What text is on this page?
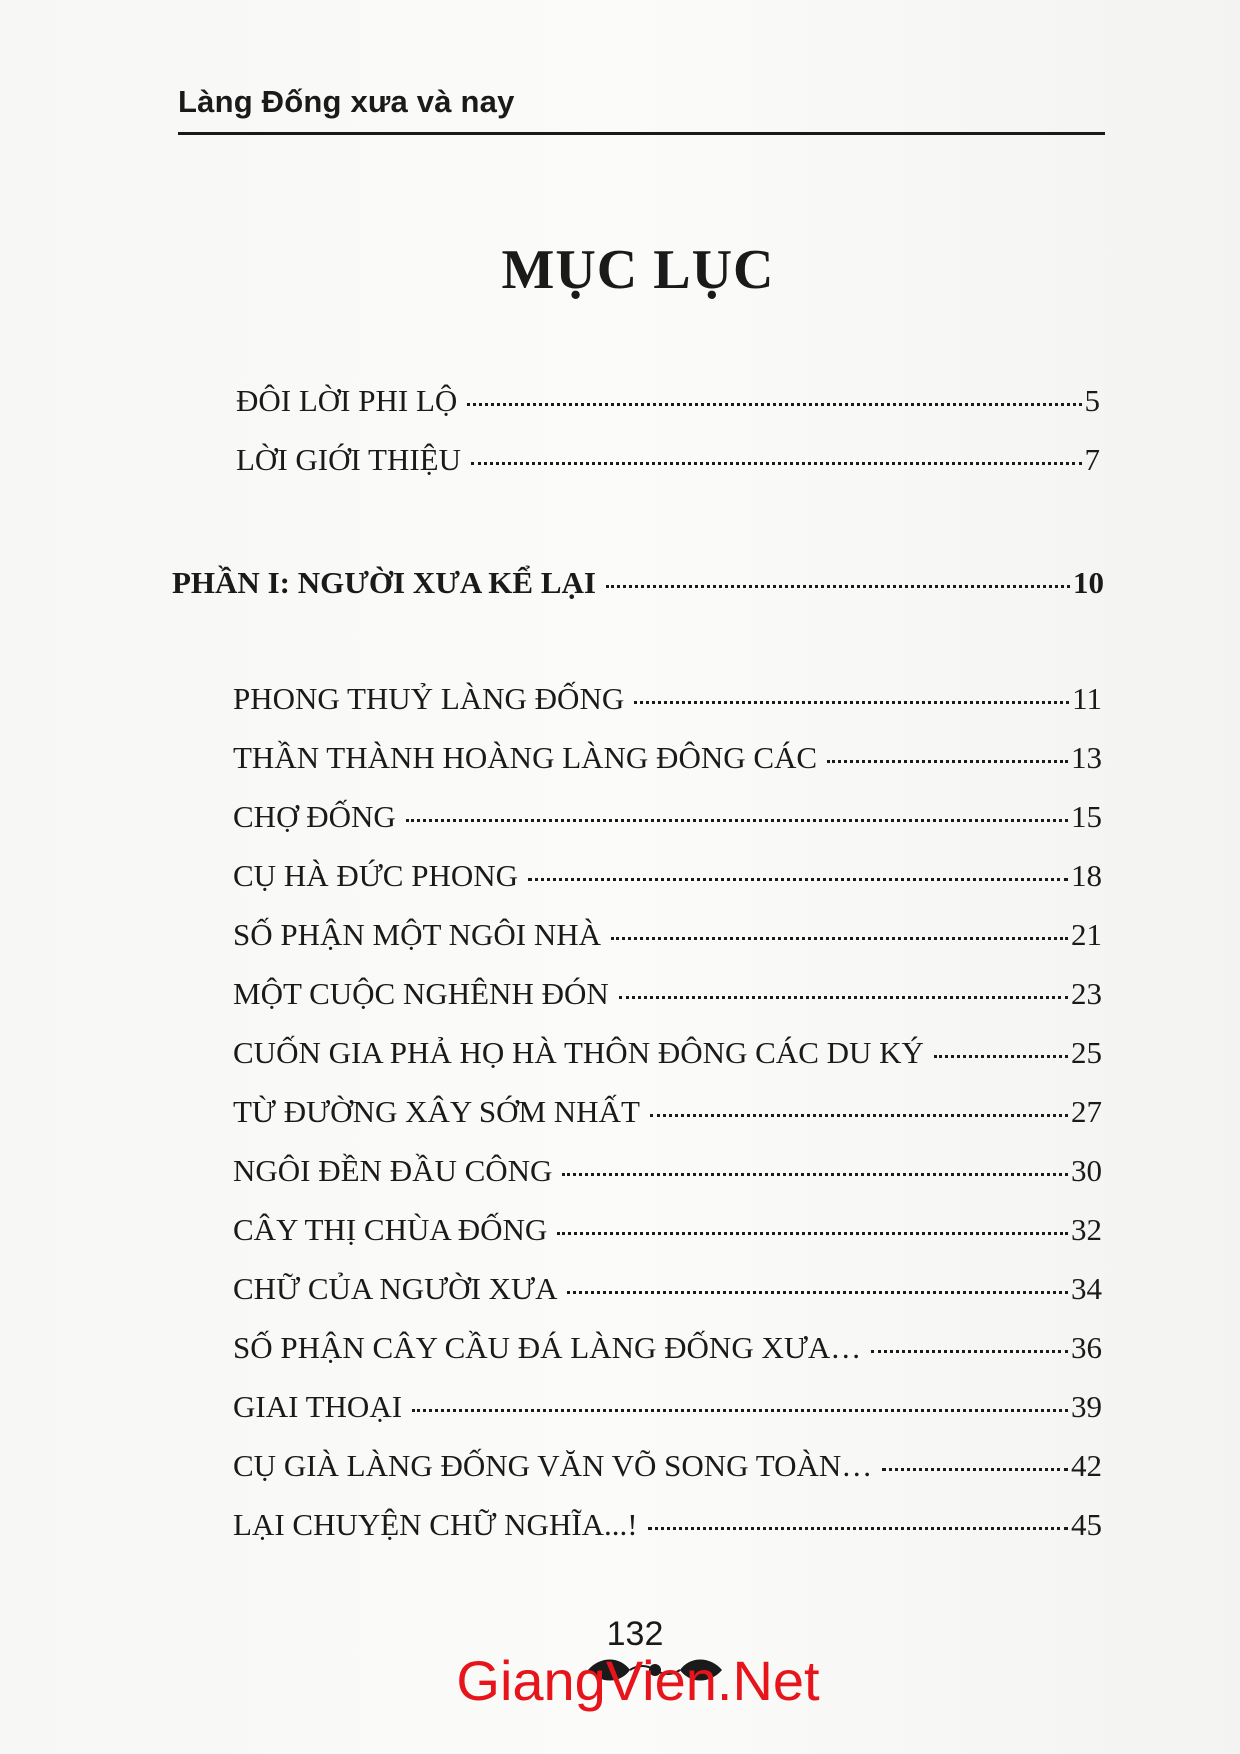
Làng Đống xưa và nay
MỤC LỤC
ĐÔI LỜI PHI LỘ	5
LỜI GIỚI THIỆU	7
PHẦN I: NGƯỜI XƯA KỂ LẠI	10
PHONG THUỶ LÀNG ĐỐNG	11
THẦN THÀNH HOÀNG LÀNG ĐÔNG CÁC	13
CHỢ ĐỐNG	15
CỤ HÀ ĐỨC PHONG	18
SỐ PHẬN MỘT NGÔI NHÀ	21
MỘT CUỘC NGHÊNH ĐÓN	23
CUỐN GIA PHẢ HỌ HÀ THÔN ĐÔNG CÁC DU KÝ	25
TỪ ĐƯỜNG XÂY SỚM NHẤT	27
NGÔI ĐỀN ĐẦU CÔNG	30
CÂY THỊ CHÙA ĐỐNG	32
CHỮ CỦA NGƯỜI XƯA	34
SỐ PHẬN CÂY CẦU ĐÁ LÀNG ĐỐNG XƯA…	36
GIAI THOẠI	39
CỤ GIÀ LÀNG ĐỐNG VĂN VÕ SONG TOÀN…	42
LẠI CHUYỆN CHỮ NGHĨA...!	45
132
GiangVien.Net
